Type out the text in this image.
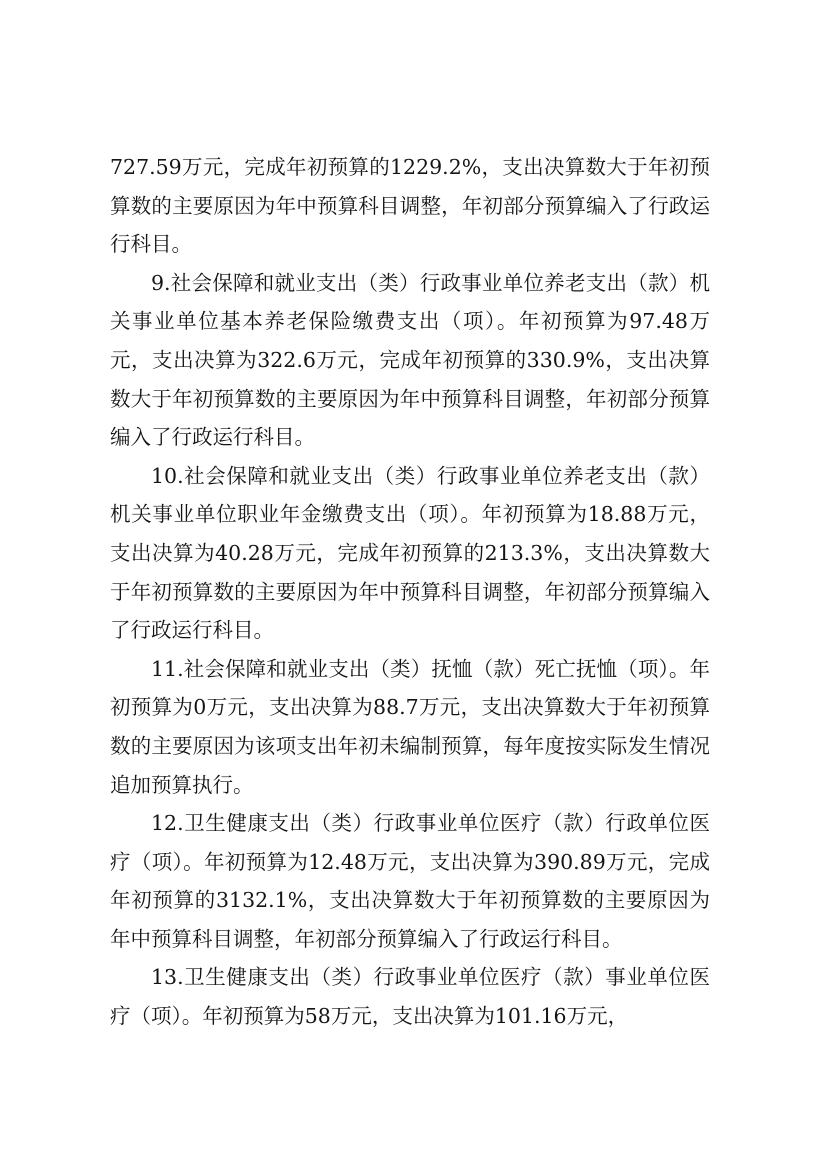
727.59万元，完成年初预算的1229.2%，支出决算数大于年初预算数的主要原因为年中预算科目调整，年初部分预算编入了行政运行科目。

9.社会保障和就业支出（类）行政事业单位养老支出（款）机关事业单位基本养老保险缴费支出（项）。年初预算为97.48万元，支出决算为322.6万元，完成年初预算的330.9%，支出决算数大于年初预算数的主要原因为年中预算科目调整，年初部分预算编入了行政运行科目。

10.社会保障和就业支出（类）行政事业单位养老支出（款）机关事业单位职业年金缴费支出（项）。年初预算为18.88万元，支出决算为40.28万元，完成年初预算的213.3%，支出决算数大于年初预算数的主要原因为年中预算科目调整，年初部分预算编入了行政运行科目。

11.社会保障和就业支出（类）抚恤（款）死亡抚恤（项）。年初预算为0万元，支出决算为88.7万元，支出决算数大于年初预算数的主要原因为该项支出年初未编制预算，每年度按实际发生情况追加预算执行。

12.卫生健康支出（类）行政事业单位医疗（款）行政单位医疗（项）。年初预算为12.48万元，支出决算为390.89万元，完成年初预算的3132.1%，支出决算数大于年初预算数的主要原因为年中预算科目调整，年初部分预算编入了行政运行科目。

13.卫生健康支出（类）行政事业单位医疗（款）事业单位医疗（项）。年初预算为58万元，支出决算为101.16万元，
